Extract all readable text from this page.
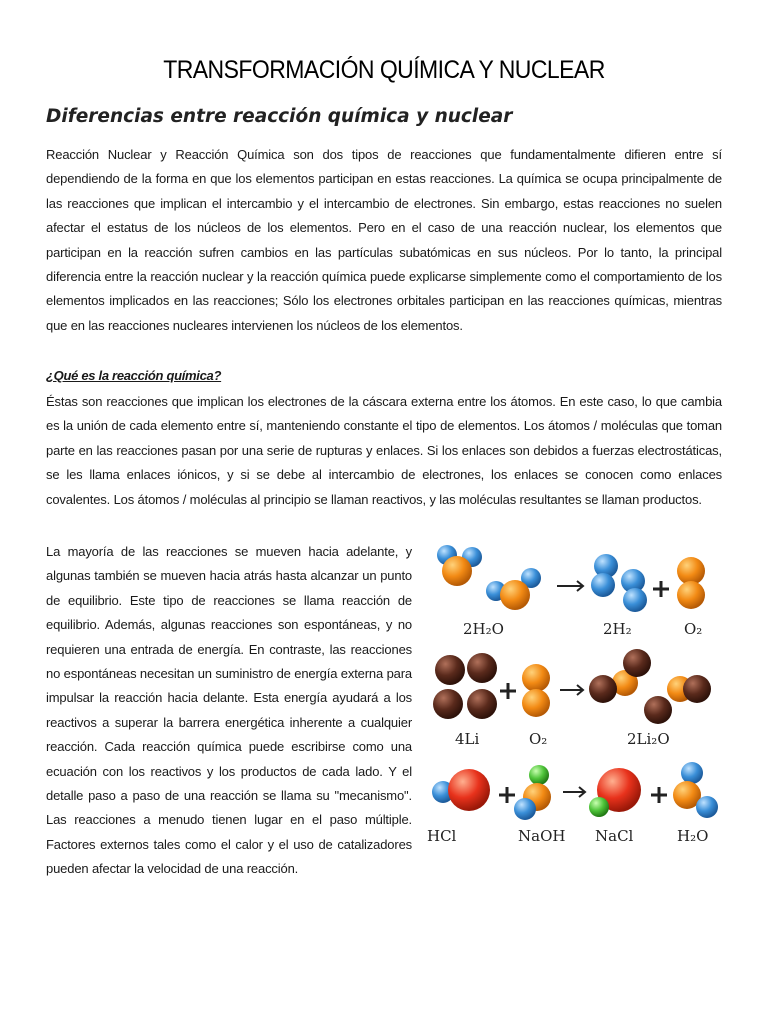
TRANSFORMACIÓN QUÍMICA Y NUCLEAR
Diferencias entre reacción química y nuclear

Reacción Nuclear y Reacción Química son dos tipos de reacciones que fundamentalmente difieren entre sí dependiendo de la forma en que los elementos participan en estas reacciones. La química se ocupa principalmente de las reacciones que implican el intercambio y el intercambio de electrones. Sin embargo, estas reacciones no suelen afectar el estatus de los núcleos de los elementos. Pero en el caso de una reacción nuclear, los elementos que participan en la reacción sufren cambios en las partículas subatómicas en sus núcleos. Por lo tanto, la principal diferencia entre la reacción nuclear y la reacción química puede explicarse simplemente como el comportamiento de los elementos implicados en las reacciones; Sólo los electrones orbitales participan en las reacciones químicas, mientras que en las reacciones nucleares intervienen los núcleos de los elementos.

¿Qué es la reacción química?

Éstas son reacciones que implican los electrones de la cáscara externa entre los átomos. En este caso, lo que cambia es la unión de cada elemento entre sí, manteniendo constante el tipo de elementos. Los átomos / moléculas que toman parte en las reacciones pasan por una serie de rupturas y enlaces. Si los enlaces son debidos a fuerzas electrostáticas, se les llama enlaces iónicos, y si se debe al intercambio de electrones, los enlaces se conocen como enlaces covalentes. Los átomos / moléculas al principio se llaman reactivos, y las moléculas resultantes se llaman productos.

La mayoría de las reacciones se mueven hacia adelante, y algunas también se mueven hacia atrás hasta alcanzar un punto de equilibrio. Este tipo de reacciones se llama reacción de equilibrio. Además, algunas reacciones son espontáneas, y no requieren una entrada de energía. En contraste, las reacciones no espontáneas necesitan un suministro de energía externa para impulsar la reacción hacia delante. Esta energía ayudará a los reactivos a superar la barrera energética inherente a cualquier reacción. Cada reacción química puede escribirse como una ecuación con los reactivos y los productos de cada lado. Y el detalle paso a paso de una reacción se llama su "mecanismo". Las reacciones a menudo tienen lugar en el paso múltiple. Factores externos tales como el calor y el uso de catalizadores pueden afectar la velocidad de una reacción.

2H₂O	2H₂	O₂
4Li	O₂	2Li₂O
HCl	NaOH NaCl	H₂O
